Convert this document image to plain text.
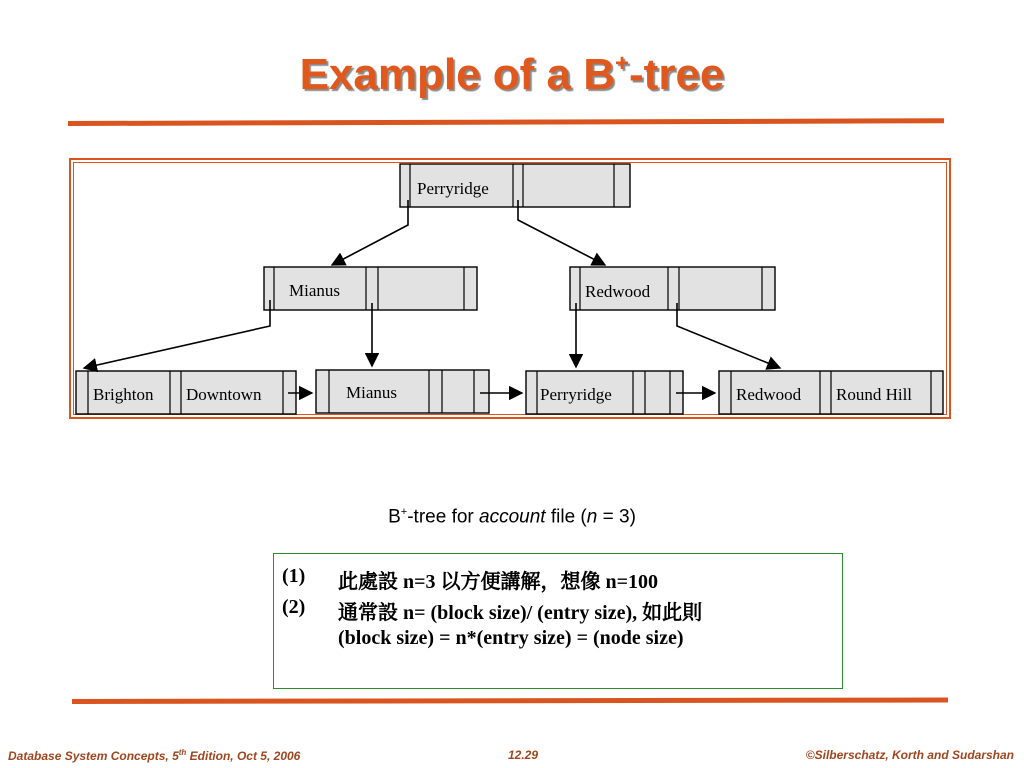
Example of a B+-tree
Perryridge
Mianus	Redwood
Brighton Downtown	Mianus	Perryridge	Redwood Round Hill
B+-tree for account file (n = 3)
(1) 此處設 n=3 以方便講解，想像 n=100
(2) 通常設 n= (block size)/ (entry size), 如此則
(block size) = n*(entry size) = (node size)
Database System Concepts, 5th Edition, Oct 5, 2006	12.29	©Silberschatz, Korth and Sudarshan
